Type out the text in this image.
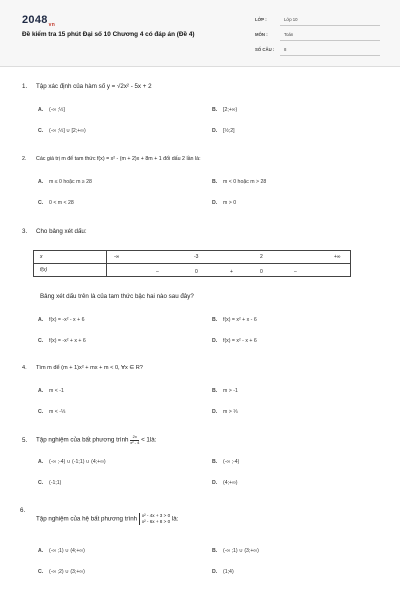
$2048_{vn}$
Đề kiểm tra 15 phút Đại số 10 Chương 4 có đáp án (Đề 4)
LỚP :	Lớp 10
MÔN :	Toán
SỐ CÂU : 8
1. Tập xác định của hàm số y = √2x² - 5x + 2
A. (-∞ ;½]	B. [2;+∞)
C. (-∞ ;½] ∪ [2;+∞)	D. [½;2]
2. Các giá trị m để tam thức f(x) = x² - (m + 2)x + 8m + 1 đổi dấu 2 lần là:
A. m ≤ 0 hoặc m ≥ 28	B. m < 0 hoặc m > 28
C. 0 < m < 28	D. m > 0
3. Cho bảng xét dấu:
x	-∞	-3	2	+∞
f(x)	–	0	+	0	–
Bảng xét dấu trên là của tam thức bậc hai nào sau đây?
A. f(x) = -x² - x + 6	B. f(x) = x² + x - 6
C. f(x) = -x² + x + 6	D. f(x) = x² - x + 6
4. Tìm m để (m + 1)x² + mx + m < 0, ∀x ∈ R?
A. m < -1	B. m > -1
C. m < -⅓	D. m > ⅓
5. Tập nghiệm của bất phương trình $\frac{2x}{\text{x² - 4}}$ < 1là:
A. (-∞ ;-4) ∪ (-1;1) ∪ (4;+∞)	B. (-∞ ;-4)
C. (-1;1)	D. (4;+∞)
6.
Tập nghiệm của hệ bất phương trình
x² - 4x + 3 > 0
x² - 6x + 8 > 0 là:
A. (-∞ ;1) ∪ (4;+∞)	B. (-∞ ;1) ∪ (3;+∞)
C. (-∞ ;2) ∪ (3;+∞)	D. (1;4)
